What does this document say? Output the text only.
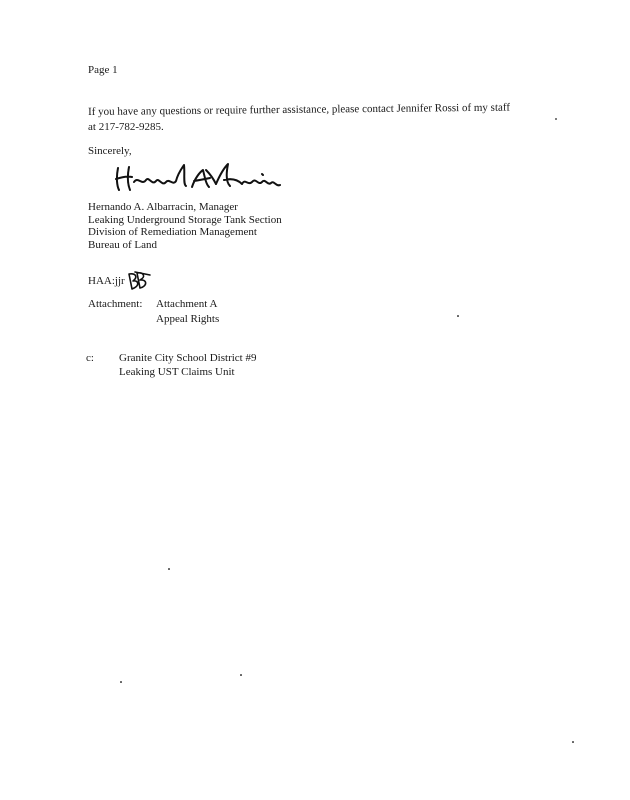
Page 1
If you have any questions or require further assistance, please contact Jennifer Rossi of my staff
at 217-782-9285.
Sincerely,
Hernando A. Albarracin, Manager
Leaking Underground Storage Tank Section
Division of Remediation Management
Bureau of Land
HAA:jjr
Attachment: Attachment A
Appeal Rights
c: Granite City School District #9
Leaking UST Claims Unit
